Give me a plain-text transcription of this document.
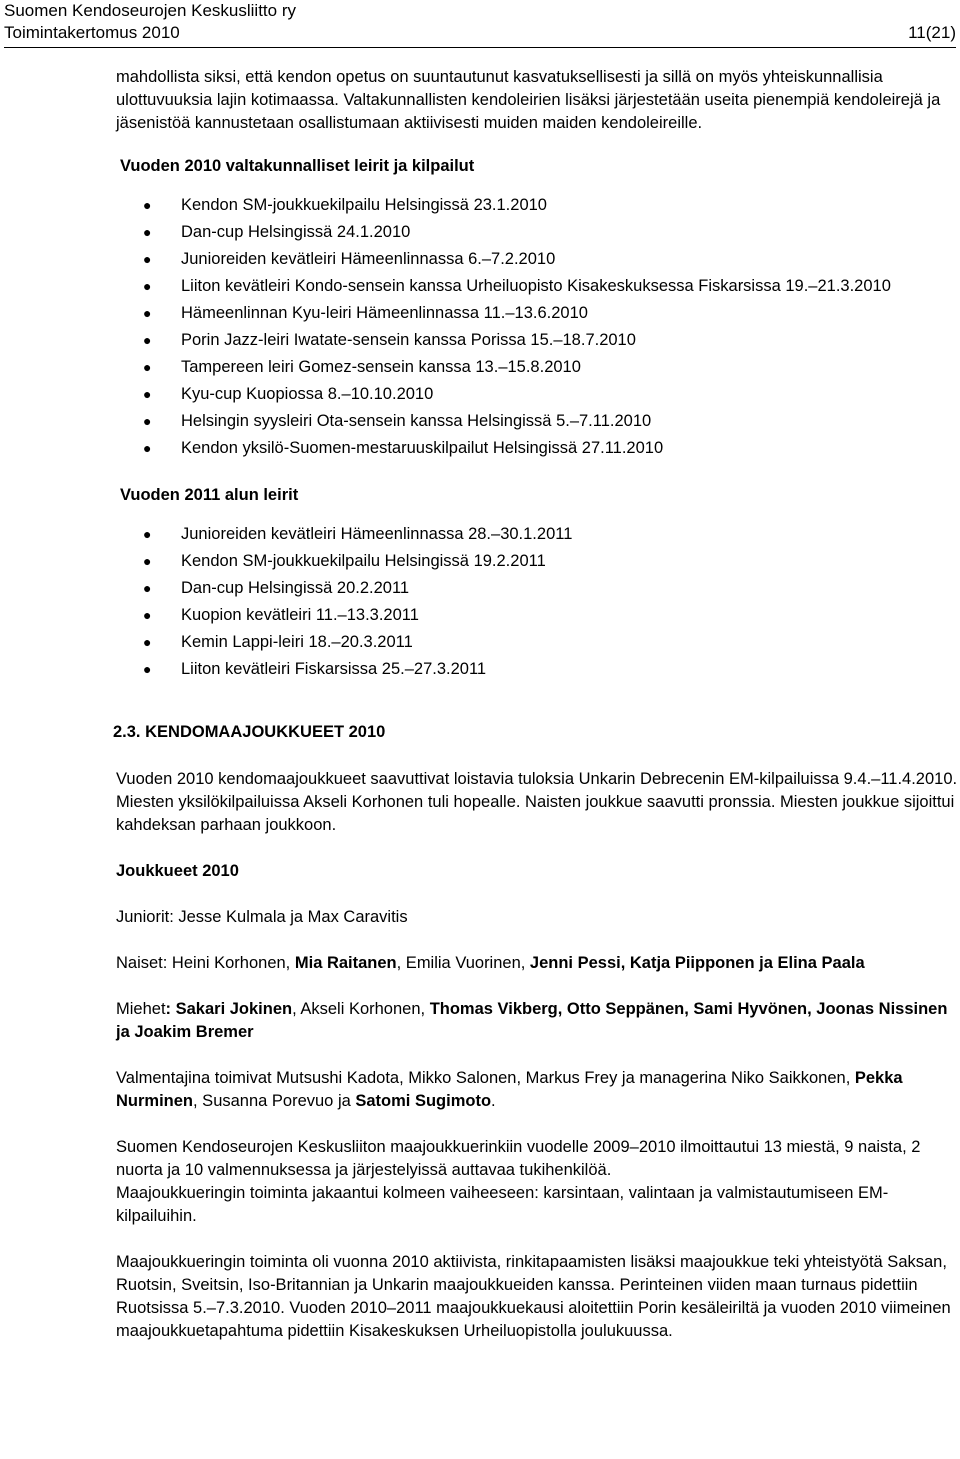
Suomen Kendoseurojen Keskusliitto ry
Toimintakertomus 2010	11(21)

mahdollista siksi, että kendon opetus on suuntautunut kasvatuksellisesti ja sillä on myös yhteiskunnallisia ulottuvuuksia lajin kotimaassa. Valtakunnallisten kendoleirien lisäksi järjestetään useita pienempiä kendoleirejä ja jäsenistöä kannustetaan osallistumaan aktiivisesti muiden maiden kendoleireille.

Vuoden 2010 valtakunnalliset leirit ja kilpailut
● Kendon SM-joukkuekilpailu Helsingissä 23.1.2010
● Dan-cup Helsingissä 24.1.2010
● Junioreiden kevätleiri Hämeenlinnassa 6.–7.2.2010
● Liiton kevätleiri Kondo-sensein kanssa Urheiluopisto Kisakeskuksessa Fiskarsissa 19.–21.3.2010
● Hämeenlinnan Kyu-leiri Hämeenlinnassa 11.–13.6.2010
● Porin Jazz-leiri Iwatate-sensein kanssa Porissa 15.–18.7.2010
● Tampereen leiri Gomez-sensein kanssa 13.–15.8.2010
● Kyu-cup Kuopiossa 8.–10.10.2010
● Helsingin syysleiri Ota-sensein kanssa Helsingissä 5.–7.11.2010
● Kendon yksilö-Suomen-mestaruuskilpailut Helsingissä 27.11.2010
Vuoden 2011 alun leirit
● Junioreiden kevätleiri Hämeenlinnassa 28.–30.1.2011
● Kendon SM-joukkuekilpailu Helsingissä 19.2.2011
● Dan-cup Helsingissä 20.2.2011
● Kuopion kevätleiri 11.–13.3.2011
● Kemin Lappi-leiri 18.–20.3.2011
● Liiton kevätleiri Fiskarsissa 25.–27.3.2011
2.3. KENDOMAAJOUKKUEET 2010

Vuoden 2010 kendomaajoukkueet saavuttivat loistavia tuloksia Unkarin Debrecenin EM-kilpailuissa 9.4.–11.4.2010. Miesten yksilökilpailuissa Akseli Korhonen tuli hopealle. Naisten joukkue saavutti pronssia. Miesten joukkue sijoittui kahdeksan parhaan joukkoon.

Joukkueet 2010

Juniorit: Jesse Kulmala ja Max Caravitis

Naiset: Heini Korhonen, Mia Raitanen, Emilia Vuorinen, Jenni Pessi, Katja Piipponen ja Elina Paala

Miehet: Sakari Jokinen, Akseli Korhonen, Thomas Vikberg, Otto Seppänen, Sami Hyvönen, Joonas Nissinen ja Joakim Bremer

Valmentajina toimivat Mutsushi Kadota, Mikko Salonen, Markus Frey ja managerina Niko Saikkonen, Pekka Nurminen, Susanna Porevuo ja Satomi Sugimoto.

Suomen Kendoseurojen Keskusliiton maajoukkuerinkiin vuodelle 2009–2010 ilmoittautui 13 miestä, 9 naista, 2 nuorta ja 10 valmennuksessa ja järjestelyissä auttavaa tukihenkilöä.

Maajoukkueringin toiminta jakaantui kolmeen vaiheeseen: karsintaan, valintaan ja valmistautumiseen EM-kilpailuihin.

Maajoukkueringin toiminta oli vuonna 2010 aktiivista, rinkitapaamisten lisäksi maajoukkue teki yhteistyötä Saksan, Ruotsin, Sveitsin, Iso-Britannian ja Unkarin maajoukkueiden kanssa. Perinteinen viiden maan turnaus pidettiin Ruotsissa 5.–7.3.2010. Vuoden 2010–2011 maajoukkuekausi aloitettiin Porin kesäleiriltä ja vuoden 2010 viimeinen maajoukkuetapahtuma pidettiin Kisakeskuksen Urheiluopistolla joulukuussa.
